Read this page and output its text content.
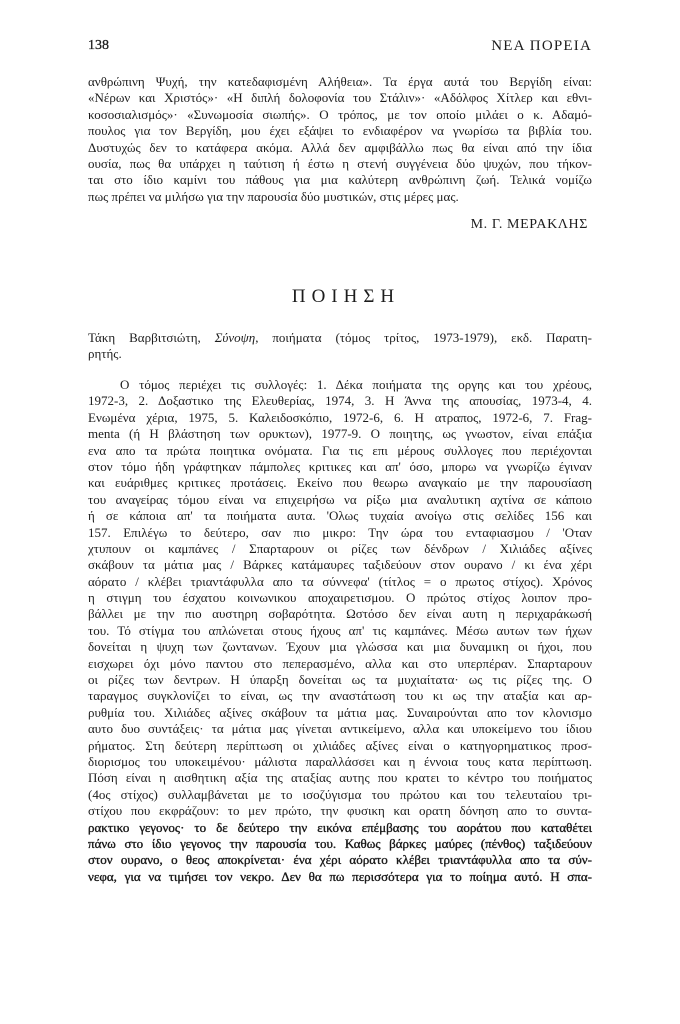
138	ΝΕΑ ΠΟΡΕΙΑ
ανθρώπινη Ψυχή, την κατεδαφισμένη Αλήθεια». Τα έργα αυτά του Βεργίδη είναι:
«Νέρων και Χριστός»· «Η διπλή δολοφονία του Στάλιν»· «Αδόλφος Χίτλερ και εθνι-
κοσοσιαλισμός»· «Συνωμοσία σιωπής». Ο τρόπος, με τον οποίο μιλάει ο κ. Αδαμό-
πουλος για τον Βεργίδη, μου έχει εξάψει το ενδιαφέρον να γνωρίσω τα βιβλία του.
Δυστυχώς δεν το κατάφερα ακόμα. Αλλά δεν αμφιβάλλω πως θα είναι από την ίδια
ουσία, πως θα υπάρχει η ταύτιση ή έστω η στενή συγγένεια δύο ψυχών, που τήκον-
ται στο ίδιο καμίνι του πάθους για μια καλύτερη ανθρώπινη ζωή. Τελικά νομίζω
πως πρέπει να μιλήσω για την παρουσία δύο μυστικών, στις μέρες μας.
Μ. Γ. ΜΕΡΑΚΛΗΣ
ΠΟΙΗΣΗ
Τάκη Βαρβιτσιώτη, Σύνοψη, ποιήματα (τόμος τρίτος, 1973-1979), εκδ. Παρατη-
ρητής.
Ο τόμος περιέχει τις συλλογές: 1. Δέκα ποιήματα της οργης και του χρέους,
1972-3, 2. Δοξαστικο της Ελευθερίας, 1974, 3. Η Άννα της απουσίας, 1973-4, 4.
Ενωμένα χέρια, 1975, 5. Καλειδοσκόπιο, 1972-6, 6. Η ατραπος, 1972-6, 7. Frag-
menta (ή Η βλάστηση των ορυκτων), 1977-9. Ο ποιητης, ως γνωστον, είναι επάξια
ενα απο τα πρώτα ποιητικα ονόματα. Για τις επι μέρους συλλογες που περιέχονται
στον τόμο ήδη γράφτηκαν πάμπολες κριτικες και απ' όσο, μπορω να γνωρίζω έγιναν
και ευάριθμες κριτικες προτάσεις. Εκείνο που θεωρω αναγκαίο με την παρουσίαση
του αναγείρας τόμου είναι να επιχειρήσω να ρίξω μια αναλυτικη αχτίνα σε κάποιο
ή σε κάποια απ' τα ποιήματα αυτα. 'Ολως τυχαία ανοίγω στις σελίδες 156 και
157. Επιλέγω το δεύτερο, σαν πιο μικρο: Την ώρα του ενταφιασμου / 'Οταν
χτυπουν οι καμπάνες / Σπαρταρουν οι ρίζες των δένδρων / Χιλιάδες αξίνες
σκάβουν τα μάτια μας / Βάρκες κατάμαυρες ταξιδεύουν στον ουρανο / κι ένα χέρι
αόρατο / κλέβει τριαντάφυλλα απο τα σύννεφα' (τίτλος = ο πρωτος στίχος). Χρόνος
η στιγμη του έσχατου κοινωνικου αποχαιρετισμου. Ο πρώτος στίχος λοιπον προ-
βάλλει με την πιο αυστηρη σοβαρότητα. Ωστόσο δεν είναι αυτη η περιχαράκωσή
του. Τό στίγμα του απλώνεται στους ήχους απ' τις καμπάνες. Μέσω αυτων των ήχων
δονείται η ψυχη των ζωντανων. Έχουν μια γλώσσα και μια δυναμικη οι ήχοι, που
εισχωρει όχι μόνο παντου στο πεπερασμένο, αλλα και στο υπερπέραν. Σπαρταρουν
οι ρίζες των δεντρων. Η ύπαρξη δονείται ως τα μυχιαίτατα· ως τις ρίζες της. Ο
ταραγμος συγκλονίζει το είναι, ως την αναστάτωση του κι ως την αταξία και αρ-
ρυθμία του. Χιλιάδες αξίνες σκάβουν τα μάτια μας. Συναιρούνται απο τον κλονισμο
αυτο δυο συντάξεις· τα μάτια μας γίνεται αντικείμενο, αλλα και υποκείμενο του ίδιου
ρήματος. Στη δεύτερη περίπτωση οι χιλιάδες αξίνες είναι ο κατηγορηματικος προσ-
διορισμος του υποκειμένου· μάλιστα παραλλάσσει και η έννοια τους κατα περίπτωση.
Πόση είναι η αισθητικη αξία της αταξίας αυτης που κρατει το κέντρο του ποιήματος
(4ος στίχος) συλλαμβάνεται με το ισοζύγισμα του πρώτου και του τελευταίου τρι-
στίχου που εκφράζουν: το μεν πρώτο, την φυσικη και ορατη δόνηση απο το συντα-
ρακτικο γεγονος· το δε δεύτερο την εικόνα επέμβασης του αοράτου που καταθέτει
πάνω στο ίδιο γεγονος την παρουσία του. Καθως βάρκες μαύρες (πένθος) ταξιδεύουν
στον ουρανο, ο θεος αποκρίνεται· ένα χέρι αόρατο κλέβει τριαντάφυλλα απο τα σύν-
νεφα, για να τιμήσει τον νεκρο. Δεν θα πω περισσότερα για το ποίημα αυτό. Η σπα-
